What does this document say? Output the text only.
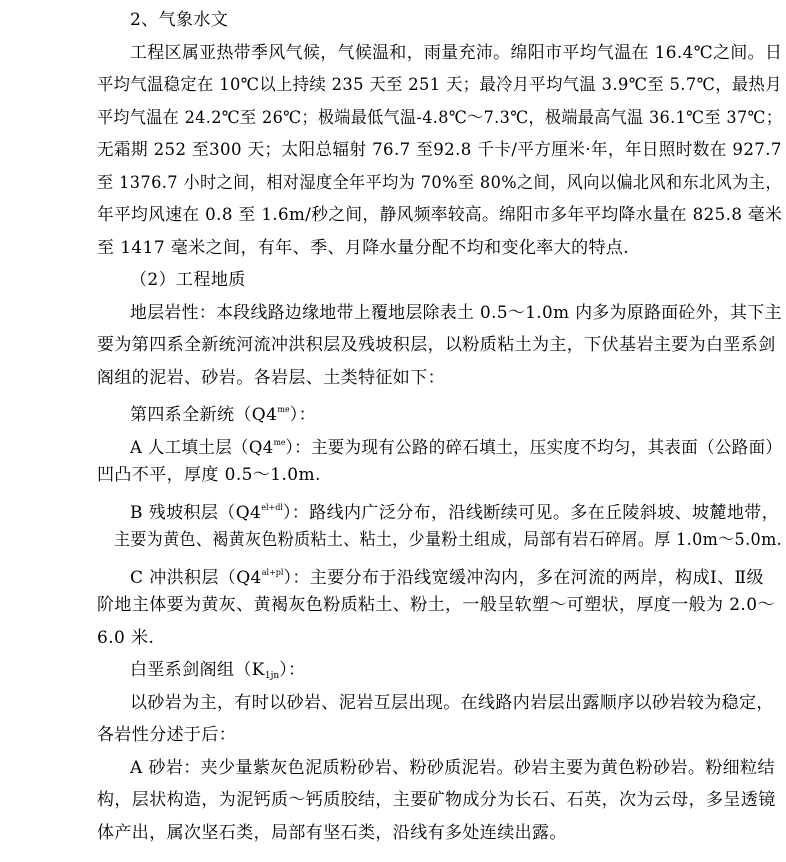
2、气象水文
工程区属亚热带季风气候，气候温和，雨量充沛。绵阳市平均气温在 16.4℃之间。日
平均气温稳定在 10℃以上持续 235 天至 251 天；最冷月平均气温 3.9℃至 5.7℃，最热月
平均气温在 24.2℃至 26℃；极端最低气温-4.8℃～7.3℃，极端最高气温 36.1℃至 37℃；
无霜期 252 至300 天；太阳总辐射 76.7 至92.8 千卡/平方厘米·年，年日照时数在 927.7
至 1376.7 小时之间，相对湿度全年平均为 70%至 80%之间，风向以偏北风和东北风为主，
年平均风速在 0.8 至 1.6m/秒之间，静风频率较高。绵阳市多年平均降水量在 825.8 毫米
至 1417 毫米之间，有年、季、月降水量分配不均和变化率大的特点.
（2）工程地质
地层岩性：本段线路边缘地带上覆地层除表土 0.5～1.0m 内多为原路面砼外，其下主
要为第四系全新统河流冲洪积层及残坡积层，以粉质粘土为主，下伏基岩主要为白垩系剑
阁组的泥岩、砂岩。各岩层、土类特征如下：
第四系全新统$(Q4^{me})$：
A 人工填土层$(Q4^{me})$：主要为现有公路的碎石填土，压实度不均匀，其表面（公路面）
凹凸不平，厚度 0.5～1.0m.
B 残坡积层$(Q4^{el+dl})$：路线内广泛分布，沿线断续可见。多在丘陵斜坡、坡麓地带，
主要为黄色、褐黄灰色粉质粘土、粘土，少量粉土组成，局部有岩石碎屑。厚 1.0m～5.0m.
C 冲洪积层$(Q4^{al+pl})$：主要分布于沿线宽缓冲沟内，多在河流的两岸，构成Ⅰ、Ⅱ级
阶地主体要为黄灰、黄褐灰色粉质粘土、粉土，一般呈软塑～可塑状，厚度一般为 2.0～
6.0 米.
白垩系剑阁组$(K_{1jn})$：
以砂岩为主，有时以砂岩、泥岩互层出现。在线路内岩层出露顺序以砂岩较为稳定，
各岩性分述于后：
A 砂岩：夹少量紫灰色泥质粉砂岩、粉砂质泥岩。砂岩主要为黄色粉砂岩。粉细粒结
构，层状构造，为泥钙质～钙质胶结，主要矿物成分为长石、石英，次为云母，多呈透镜
体产出，属次坚石类，局部有坚石类，沿线有多处连续出露。
